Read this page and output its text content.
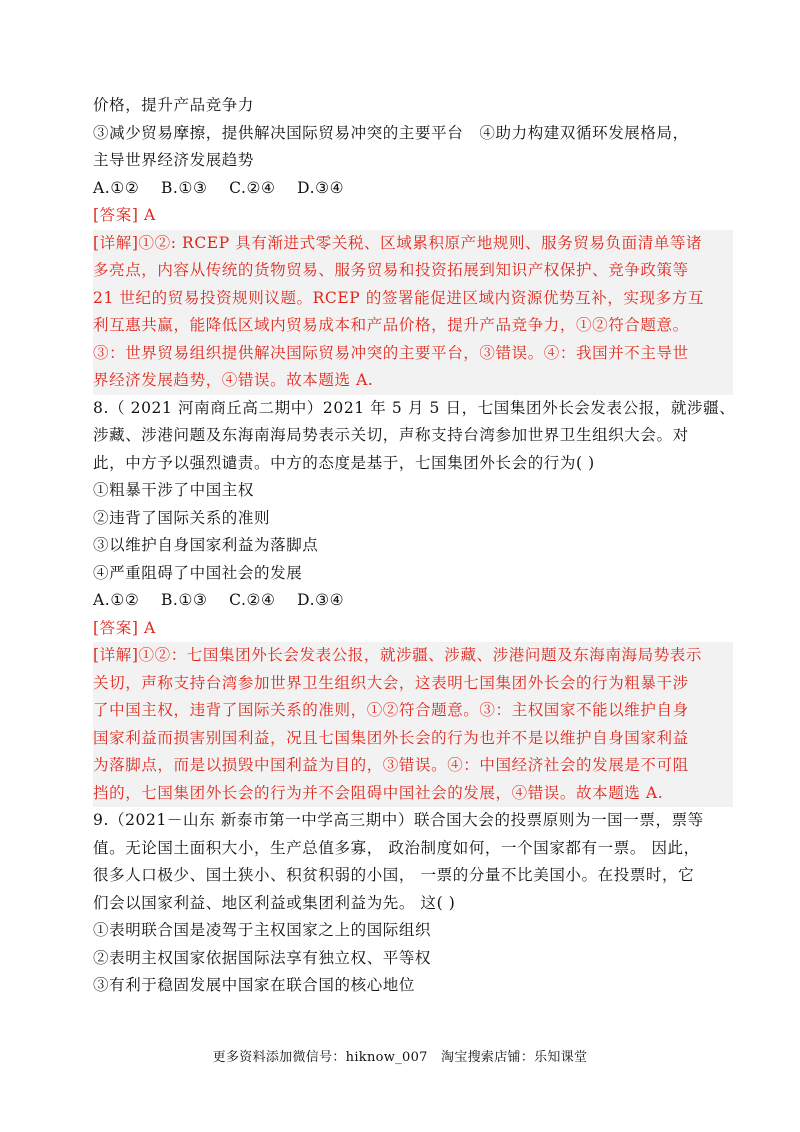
价格，提升产品竞争力
③减少贸易摩擦，提供解决国际贸易冲突的主要平台　④助力构建双循环发展格局，
主导世界经济发展趋势
A.①②　 B.①③　 C.②④　 D.③④
[答案] A
[详解]①②: RCEP 具有渐进式零关税、区域累积原产地规则、服务贸易负面清单等诸
多亮点，内容从传统的货物贸易、服务贸易和投资拓展到知识产权保护、竞争政策等
21 世纪的贸易投资规则议题。RCEP 的签署能促进区域内资源优势互补，实现多方互
利互惠共赢，能降低区域内贸易成本和产品价格，提升产品竞争力，①②符合题意。
③：世界贸易组织提供解决国际贸易冲突的主要平台，③错误。④：我国并不主导世
界经济发展趋势，④错误。故本题选 A.
8.（ 2021 河南商丘高二期中）2021 年 5 月 5 日，七国集团外长会发表公报，就涉疆、
涉藏、涉港问题及东海南海局势表示关切，声称支持台湾参加世界卫生组织大会。对
此，中方予以强烈谴责。中方的态度是基于，七国集团外长会的行为( )
①粗暴干涉了中国主权
②违背了国际关系的准则
③以维护自身国家利益为落脚点
④严重阻碍了中国社会的发展
A.①②　 B.①③　 C.②④　 D.③④
[答案] A
[详解]①②：七国集团外长会发表公报，就涉疆、涉藏、涉港问题及东海南海局势表示
关切，声称支持台湾参加世界卫生组织大会，这表明七国集团外长会的行为粗暴干涉
了中国主权，违背了国际关系的准则，①②符合题意。③：主权国家不能以维护自身
国家利益而损害别国利益，况且七国集团外长会的行为也并不是以维护自身国家利益
为落脚点，而是以损毁中国利益为目的，③错误。④：中国经济社会的发展是不可阻
挡的，七国集团外长会的行为并不会阻碍中国社会的发展，④错误。故本题选 A.
9.（2021－山东 新泰市第一中学高三期中）联合国大会的投票原则为一国一票，票等
值。无论国土面积大小，生产总值多寡， 政治制度如何，一个国家都有一票。 因此，
很多人口极少、国土狭小、积贫积弱的小国， 一票的分量不比美国小。在投票时，它
们会以国家利益、地区利益或集团利益为先。 这( )
①表明联合国是凌驾于主权国家之上的国际组织
②表明主权国家依据国际法享有独立权、平等权
③有利于稳固发展中国家在联合国的核心地位
更多资料添加微信号：hiknow_007　淘宝搜索店铺：乐知课堂
